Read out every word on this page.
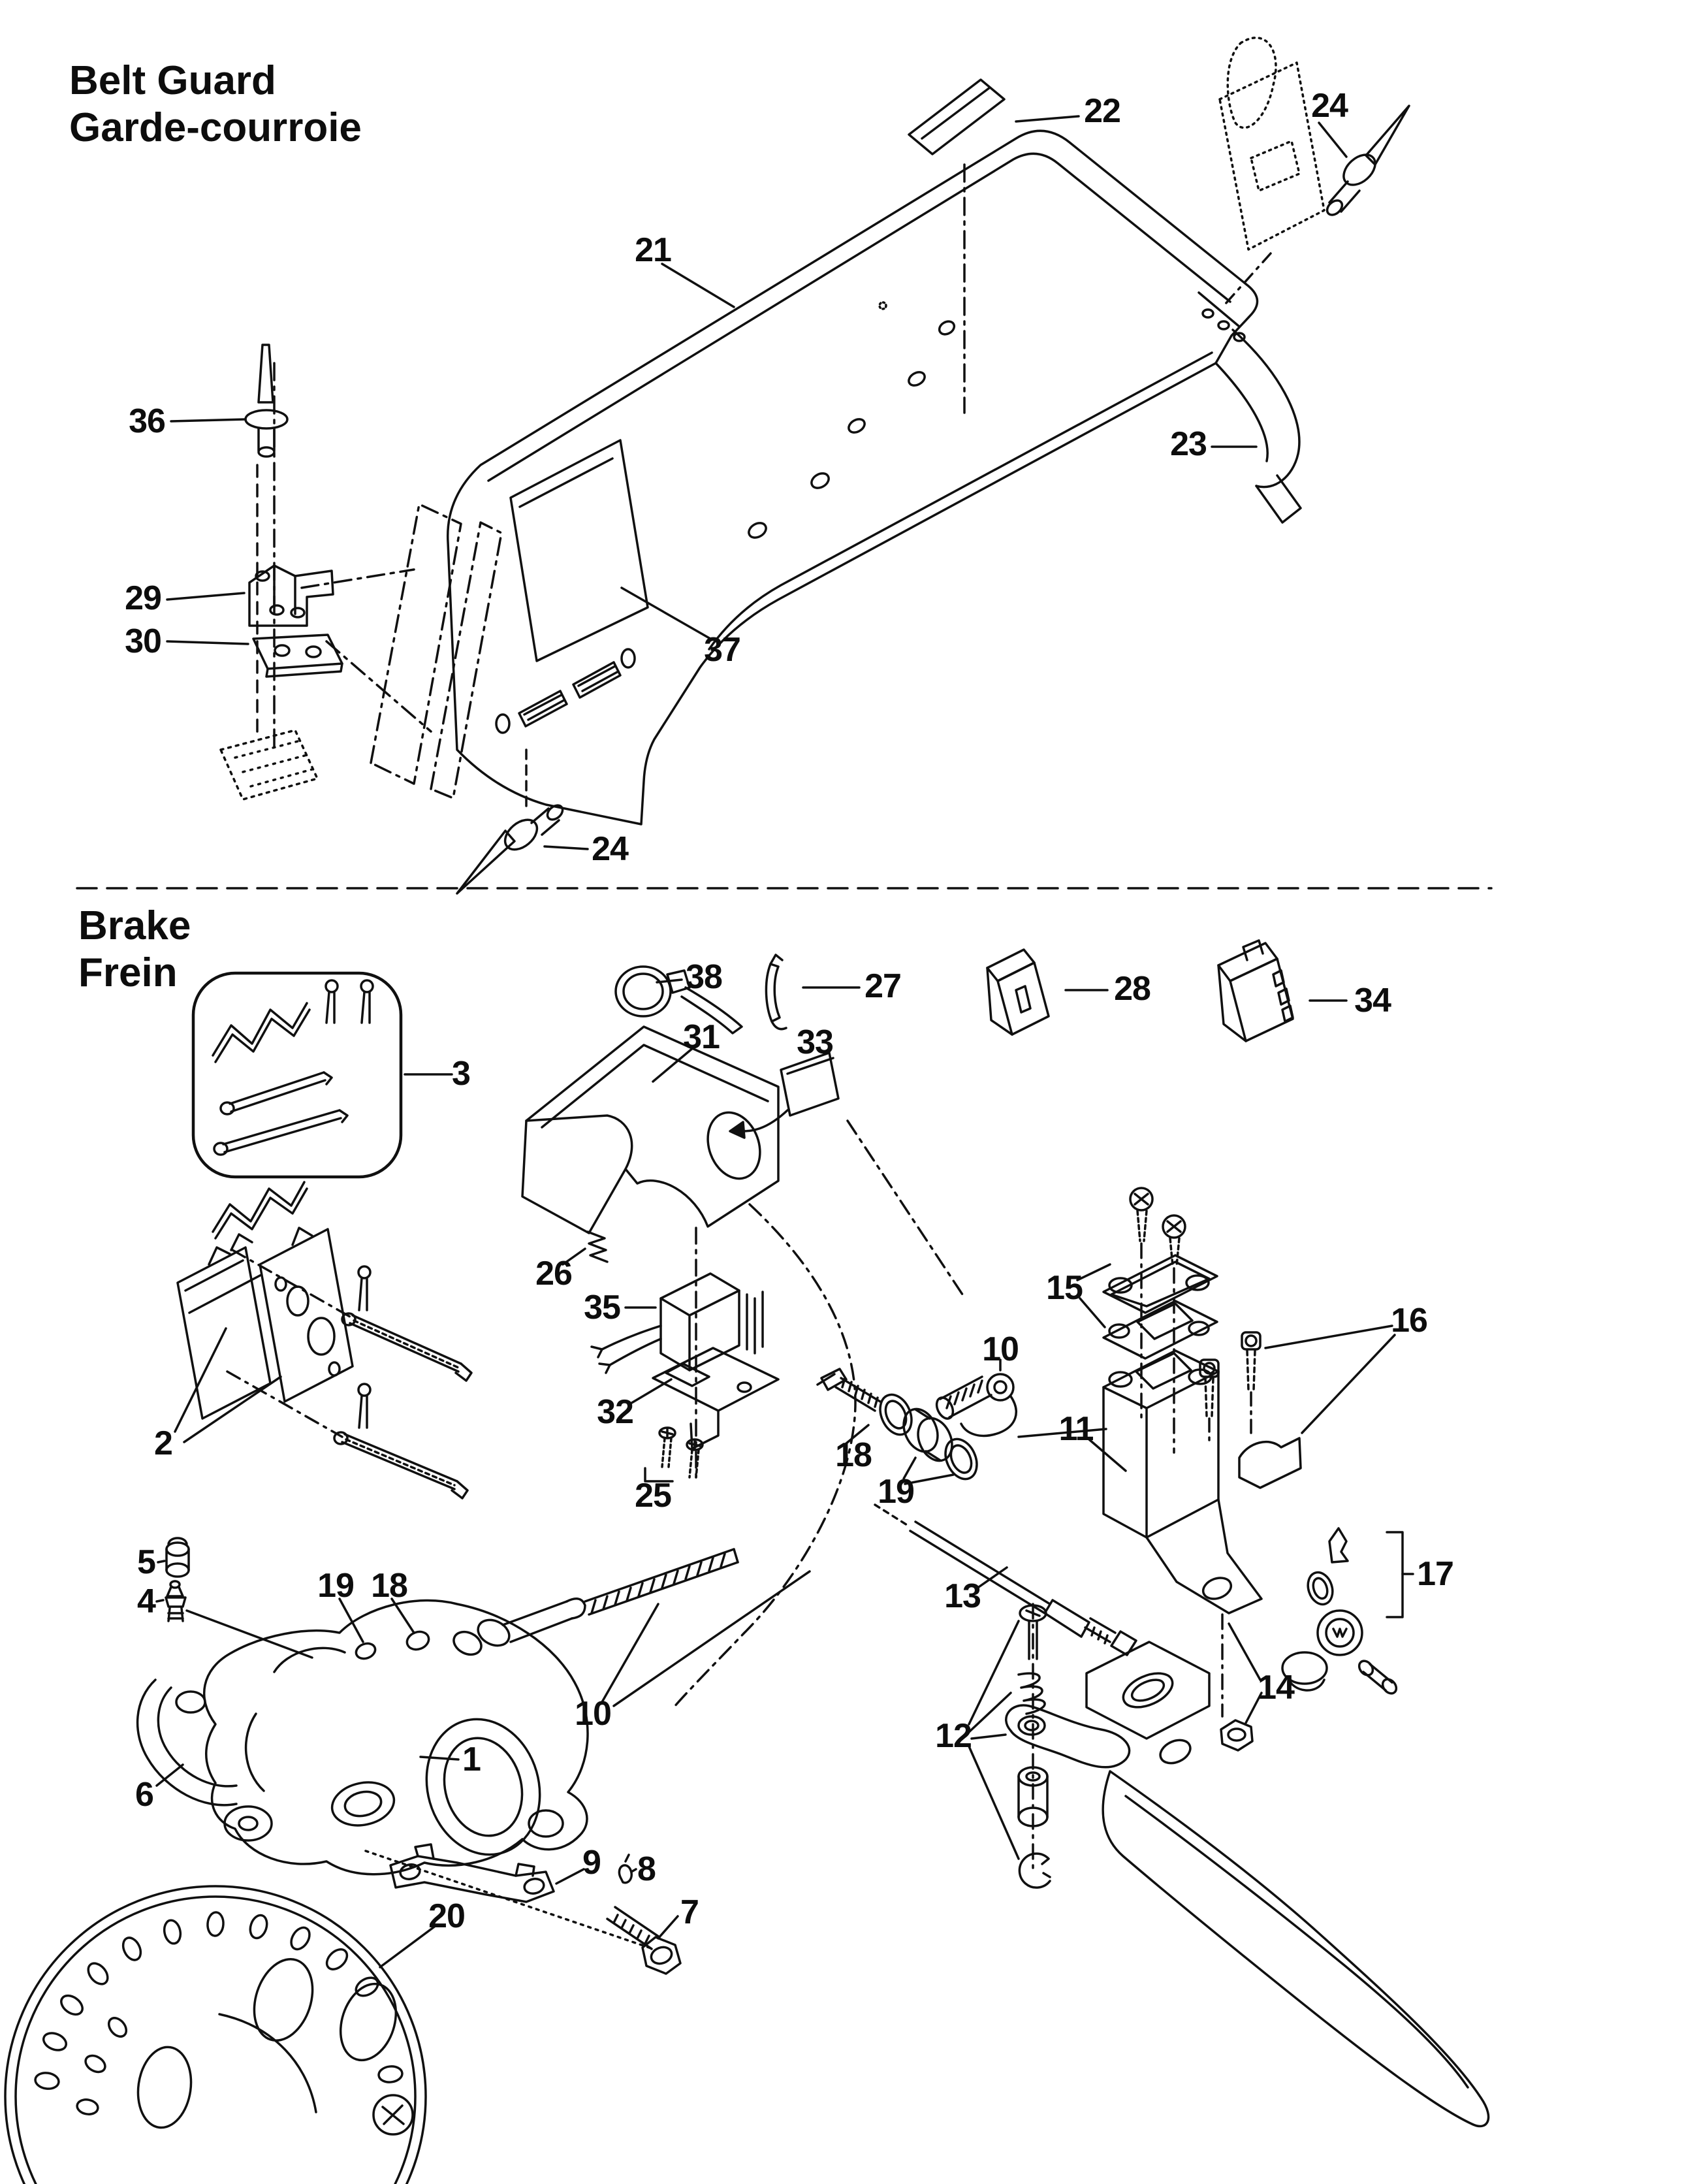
Belt Guard
Garde-courroie
Brake
Frein
21
22	24
23
36
29
30	37
24
3
38	27	28	34
31 33
26
2
35
32
25
18
19
10
15
16
11
17
13
14
12
5
4	19 18
10
1
6
9 8
7
20
